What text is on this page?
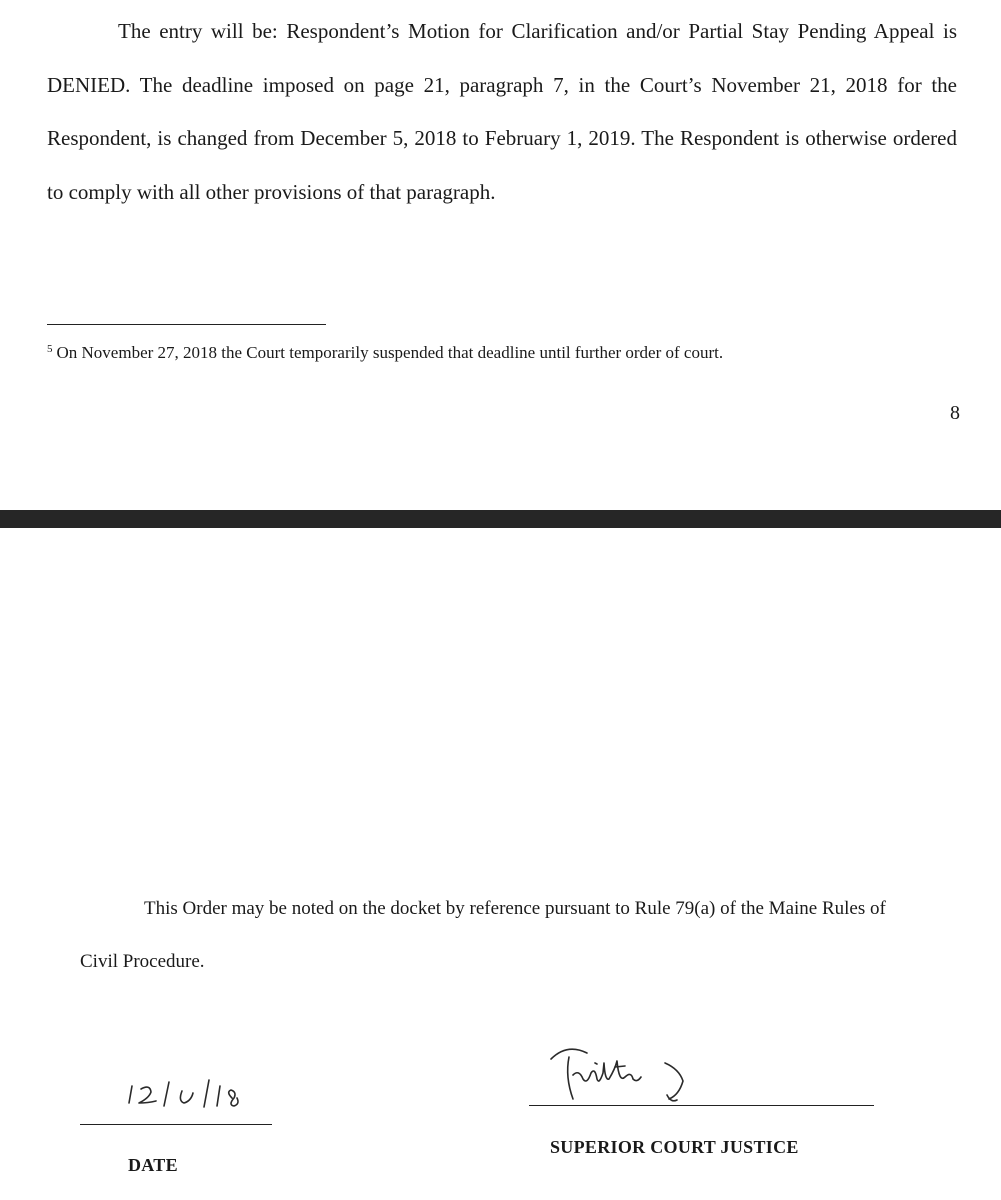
The entry will be: Respondent’s Motion for Clarification and/or Partial Stay Pending Appeal is DENIED. The deadline imposed on page 21, paragraph 7, in the Court’s November 21, 2018 for the Respondent, is changed from December 5, 2018 to February 1, 2019. The Respondent is otherwise ordered to comply with all other provisions of that paragraph.

$^5$ On November 27, 2018 the Court temporarily suspended that deadline until further order of court.

8

This Order may be noted on the docket by reference pursuant to Rule 79(a) of the Maine Rules of Civil Procedure.

DATE
SUPERIOR COURT JUSTICE
